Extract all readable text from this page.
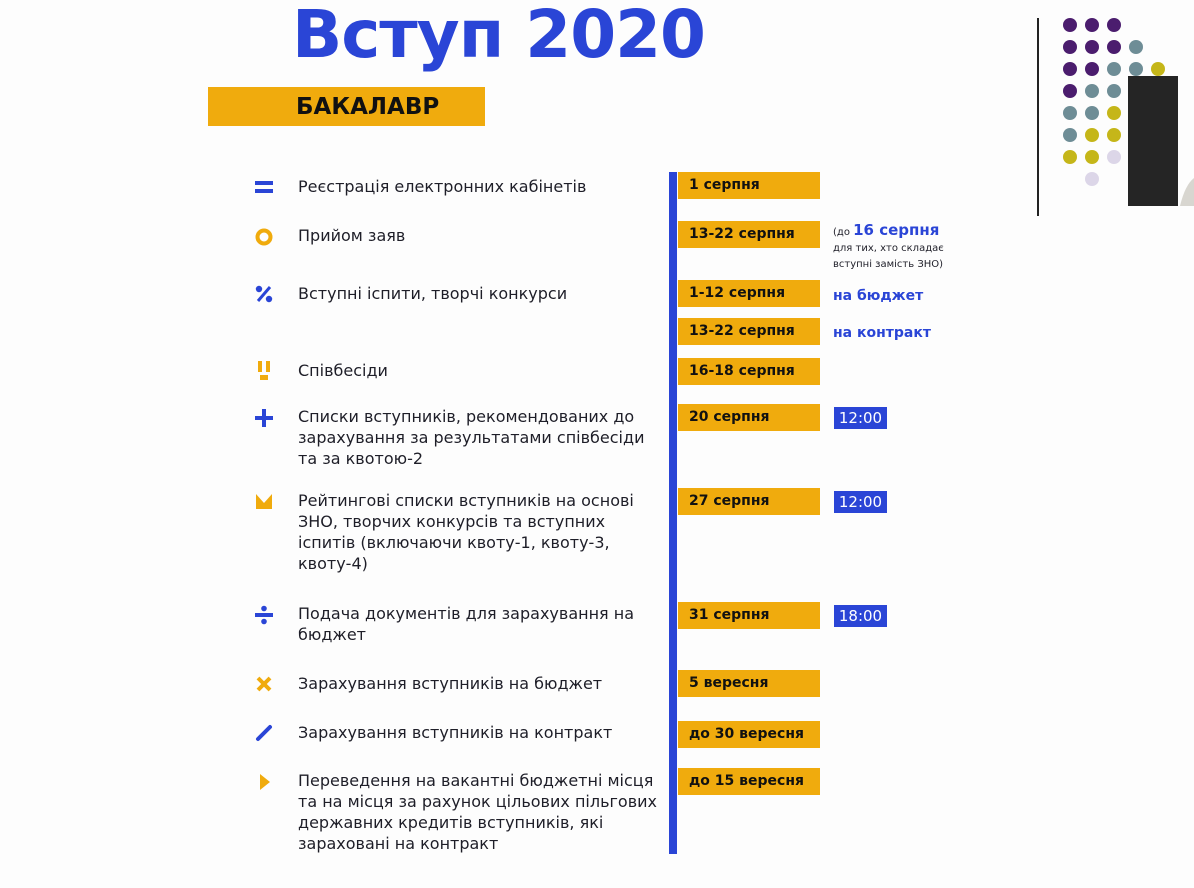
Вступ 2020
БАКАЛАВР
Реєстрація електронних кабінетів	1 серпня
Прийом заяв	13-22 серпня	(до 16 серпня
для тих, хто складає вступні замість ЗНО)
Вступні іспити, творчі конкурси	1-12 серпня	на бюджет
13-22 серпня	на контракт
Співбесіди	16-18 серпня
Списки вступників, рекомендованих до зарахування за результатами співбесіди та за квотою-2
20 серпня	12:00
Рейтингові списки вступників на основі ЗНО, творчих конкурсів та вступних іспитів (включаючи квоту-1, квоту-3, квоту-4)
27 серпня	12:00
Подача документів для зарахування на бюджет
31 серпня	18:00
Зарахування вступників на бюджет	5 вересня
Зарахування вступників на контракт	до 30 вересня
Переведення на вакантні бюджетні місця та на місця за рахунок цільових пільгових державних кредитів вступників, які зараховані на контракт
до 15 вересня
